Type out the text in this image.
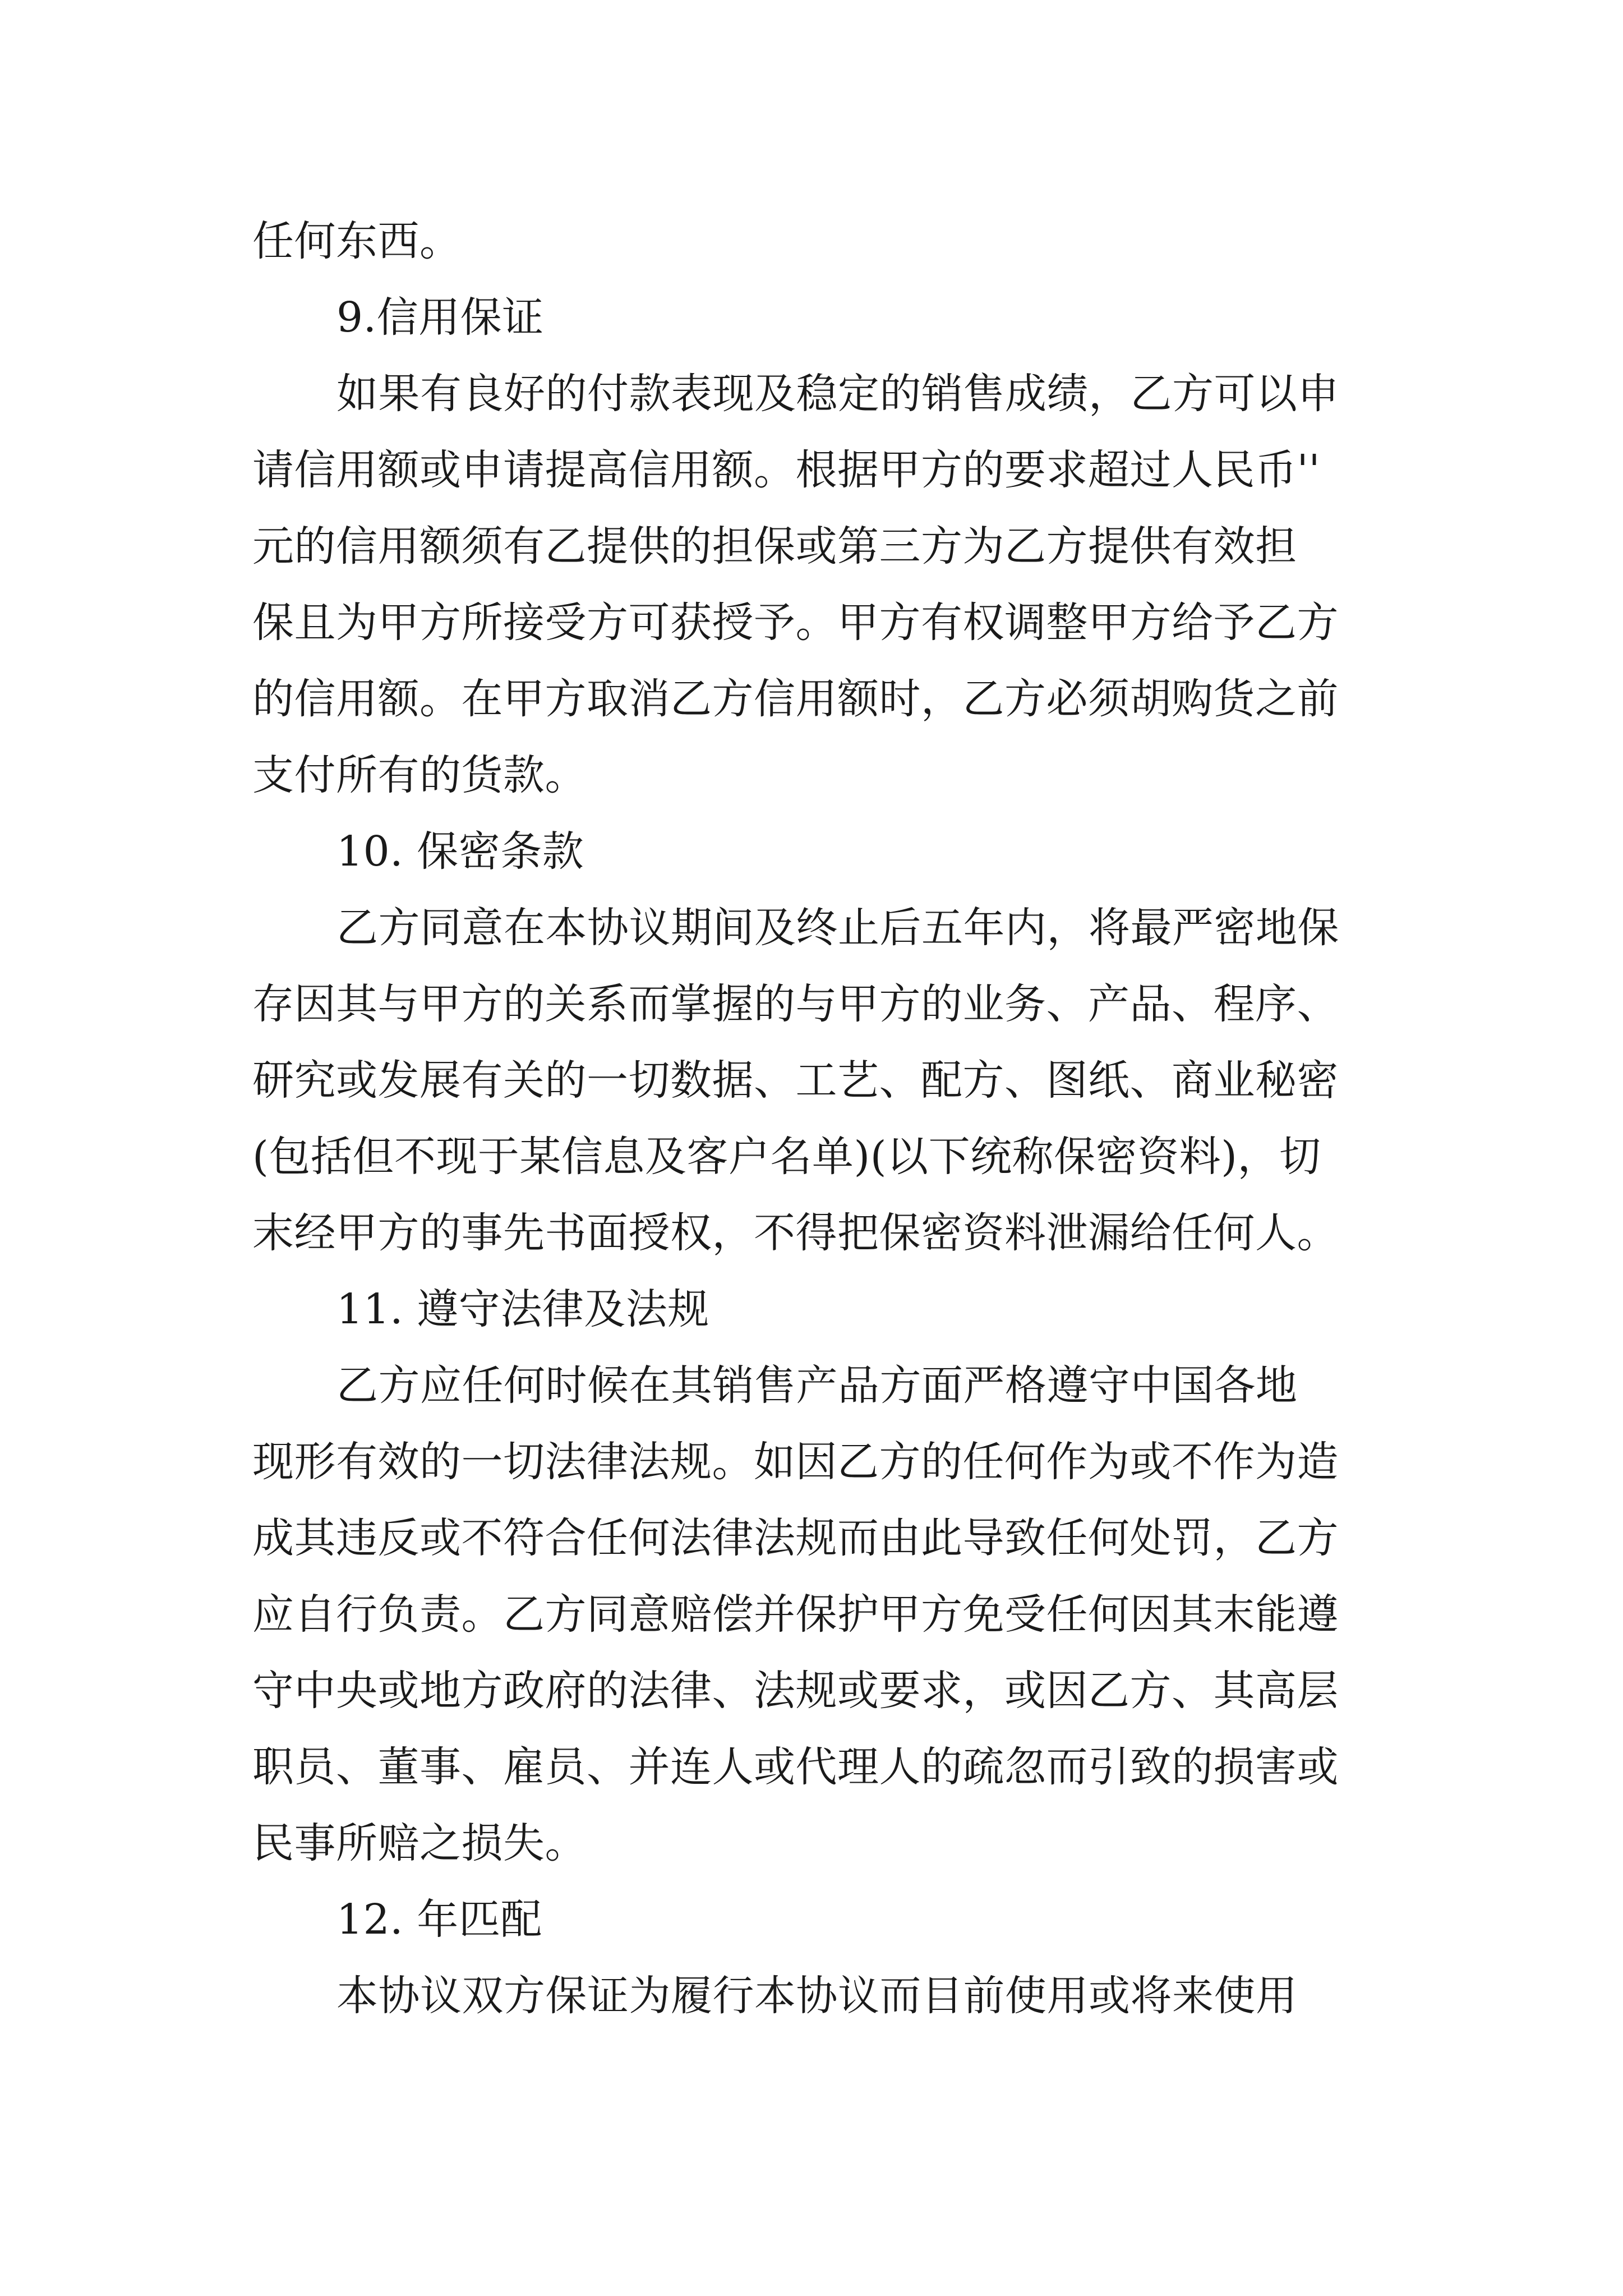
任何东西。
9.信用保证
如果有良好的付款表现及稳定的销售成绩，乙方可以申
请信用额或申请提高信用额。根据甲方的要求超过人民币''
元的信用额须有乙提供的担保或第三方为乙方提供有效担
保且为甲方所接受方可获授予。甲方有权调整甲方给予乙方
的信用额。在甲方取消乙方信用额时，乙方必须胡购货之前
支付所有的货款。
10. 保密条款
乙方同意在本协议期间及终止后五年内，将最严密地保
存因其与甲方的关系而掌握的与甲方的业务、产品、程序、
研究或发展有关的一切数据、工艺、配方、图纸、商业秘密
(包括但不现于某信息及客户名单)(以下统称保密资料)，切
末经甲方的事先书面授权，不得把保密资料泄漏给任何人。
11. 遵守法律及法规
乙方应任何时候在其销售产品方面严格遵守中国各地
现形有效的一切法律法规。如因乙方的任何作为或不作为造
成其违反或不符合任何法律法规而由此导致任何处罚，乙方
应自行负责。乙方同意赔偿并保护甲方免受任何因其末能遵
守中央或地方政府的法律、法规或要求，或因乙方、其高层
职员、董事、雇员、并连人或代理人的疏忽而引致的损害或
民事所赔之损失。
12. 年匹配
本协议双方保证为履行本协议而目前使用或将来使用
